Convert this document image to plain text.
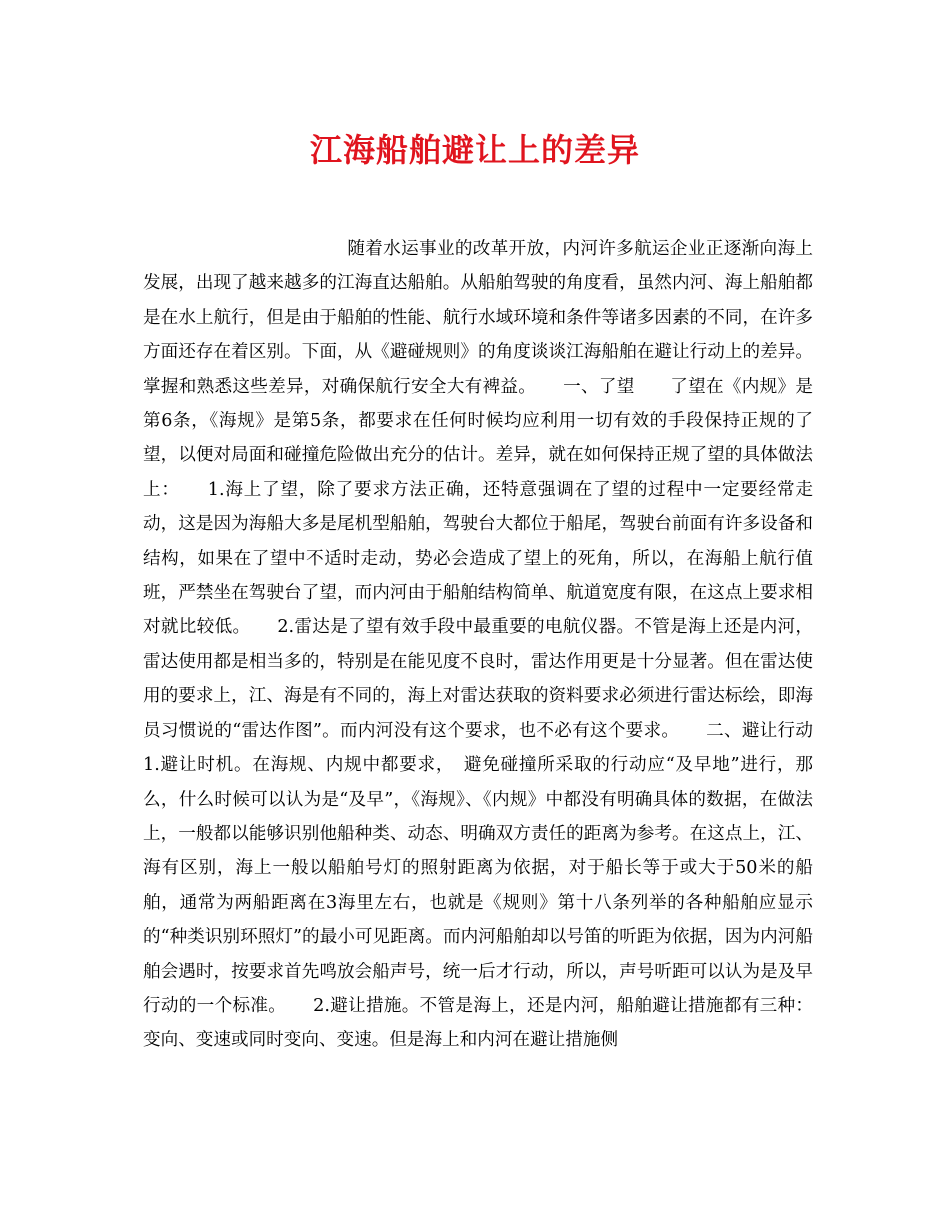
江海船舶避让上的差异

随着水运事业的改革开放，内河许多航运企业正逐渐向海上发展，出现了越来越多的江海直达船舶。从船舶驾驶的角度看，虽然内河、海上船舶都是在水上航行，但是由于船舶的性能、航行水域环境和条件等诸多因素的不同，在许多方面还存在着区别。下面，从《避碰规则》的角度谈谈江海船舶在避让行动上的差异。掌握和熟悉这些差异，对确保航行安全大有裨益。　　一、了望　　了望在《内规》是第6条，《海规》是第5条，都要求在任何时候均应利用一切有效的手段保持正规的了望，以便对局面和碰撞危险做出充分的估计。差异，就在如何保持正规了望的具体做法上：　　1.海上了望，除了要求方法正确，还特意强调在了望的过程中一定要经常走动，这是因为海船大多是尾机型船舶，驾驶台大都位于船尾，驾驶台前面有许多设备和结构，如果在了望中不适时走动，势必会造成了望上的死角，所以，在海船上航行值班，严禁坐在驾驶台了望，而内河由于船舶结构简单、航道宽度有限，在这点上要求相对就比较低。　　2.雷达是了望有效手段中最重要的电航仪器。不管是海上还是内河，雷达使用都是相当多的，特别是在能见度不良时，雷达作用更是十分显著。但在雷达使用的要求上，江、海是有不同的，海上对雷达获取的资料要求必须进行雷达标绘，即海员习惯说的“雷达作图”。而内河没有这个要求，也不必有这个要求。　　二、避让行动　　1.避让时机。在海规、内规中都要求，　避免碰撞所采取的行动应“及早地”进行，那么，什么时候可以认为是“及早”，《海规》、《内规》中都没有明确具体的数据，在做法上，一般都以能够识别他船种类、动态、明确双方责任的距离为参考。在这点上，江、海有区别，海上一般以船舶号灯的照射距离为依据，对于船长等于或大于50米的船舶，通常为两船距离在3海里左右，也就是《规则》第十八条列举的各种船舶应显示的“种类识别环照灯”的最小可见距离。而内河船舶却以号笛的听距为依据，因为内河船舶会遇时，按要求首先鸣放会船声号，统一后才行动，所以，声号听距可以认为是及早行动的一个标准。　　2.避让措施。不管是海上，还是内河，船舶避让措施都有三种：变向、变速或同时变向、变速。但是海上和内河在避让措施侧
